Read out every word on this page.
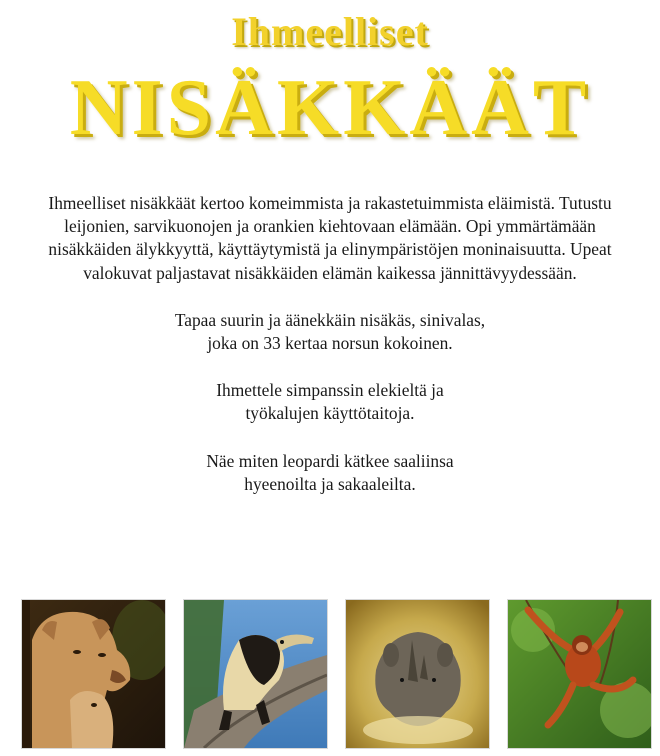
Ihmeelliset
NISÄKKÄÄT

Ihmeelliset nisäkkäät kertoo komeimmista ja rakastetuimmista eläimistä. Tutustu leijonien, sarvikuonojen ja orankien kiehtovaan elämään. Opi ymmärtämään nisäkkäiden älykkyyttä, käyttäytymistä ja elinympäristöjen moninaisuutta. Upeat valokuvat paljastavat nisäkkäiden elämän kaikessa jännittävyydessään.

Tapaa suurin ja äänekkäin nisäkäs, sinivalas, joka on 33 kertaa norsun kokoinen.

Ihmettele simpanssin elekieltä ja työkalujen käyttötaitoja.

Näe miten leopardi kätkee saaliinsa hyeenoilta ja sakaaleilta.
